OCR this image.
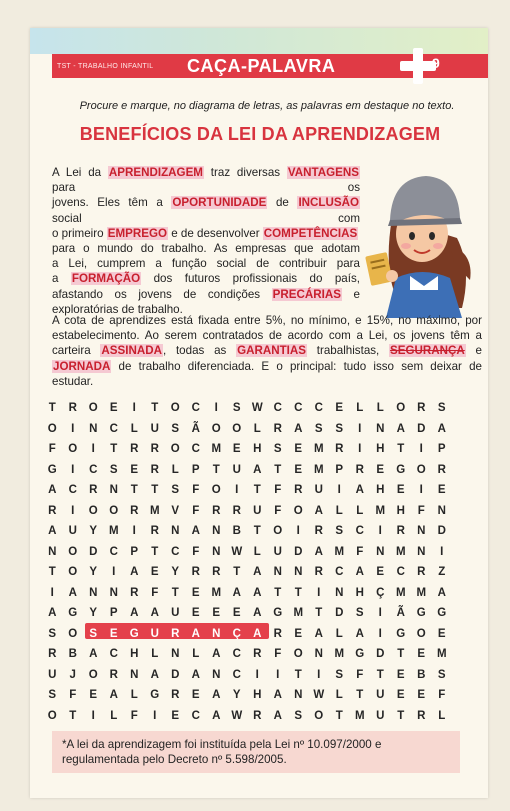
TST - TRABALHO INFANTIL	CAÇA-PALAVRA	9
Procure e marque, no diagrama de letras, as palavras em destaque no texto.
BENEFÍCIOS DA LEI DA APRENDIZAGEM
A Lei da APRENDIZAGEM traz diversas VANTAGENS para os
jovens. Eles têm a OPORTUNIDADE de INCLUSÃO social com
o primeiro EMPREGO e de desenvolver COMPETÊNCIAS
para o mundo do trabalho. As empresas que adotam
a Lei, cumprem a função social de contribuir para
a FORMAÇÃO dos futuros profissionais do país,
afastando os jovens de condições PRECÁRIAS e
exploratórias de trabalho.
A cota de aprendizes está fixada entre 5%, no mínimo, e 15%, no máximo, por estabelecimento. Ao serem contratados de acordo com a Lei, os jovens têm a carteira ASSINADA, todas as GARANTIAS trabalhistas, SEGURANÇA e JORNADA de trabalho diferenciada. E o principal: tudo isso sem deixar de estudar.
T	R	O	E	I	T	O	C	I	S W C	C	C	E	L	L	O	R	S
O	I	N	C	L	U	S	Ã	O	O	L	R	A	S	S	I	N	A	D	A
F	O	I	T	R	R	O	C	M	E	H	S	E	M	R	I	H	T	I	P
G	I	C	S	E	R	L	P	T	U	A	T	E	M	P	R	E	G	O	R
A	C	R	N	T	T	S	F	O	I	T	F	R	U	I	A	H	E	I	E
R	I	O	O	R	M	V	F	R	R	U	F	O	A	L	L	M	H	F	N
A	U	Y	M	I	R	N	A	N	B	T	O	I	R	S	C	I	R	N	D
N	O	D	C	P	T	C	F	N W	L	U	D	A	M	F	N	M	N	I
T	O	Y	I	A	E	Y	R	R	T	A	N	N	R	C	A	E	C	R	Z
I	A	N	N	R	F	T	E	M	A	A	T	T	I	N	H	Ç	M M	A
A	G	Y	P	A	A	U	E	E	E	A	G M	T	D	S	I	Ã	G	G
S	O	S	E	G	U	R	A	N	Ç	A	R	E	A	L	A	I	G	O	E
R	B	A	C	H	L	N	L	A	C	R	F	O	N	M G	D	T	E	M
U	J	O	R	N	A	D	A	N	C	I	I	T	I	S	F	T	E	B	S
S	F	E	A	L	G	R	E	A	Y	H	A	N W	L	T	U	E	E	F
O	T	I	L	F	I	E	C	A W R	A	S	O	T	M	U	T	R	L
*A lei da aprendizagem foi instituída pela Lei nº 10.097/2000 e regulamentada pelo Decreto nº 5.598/2005.
